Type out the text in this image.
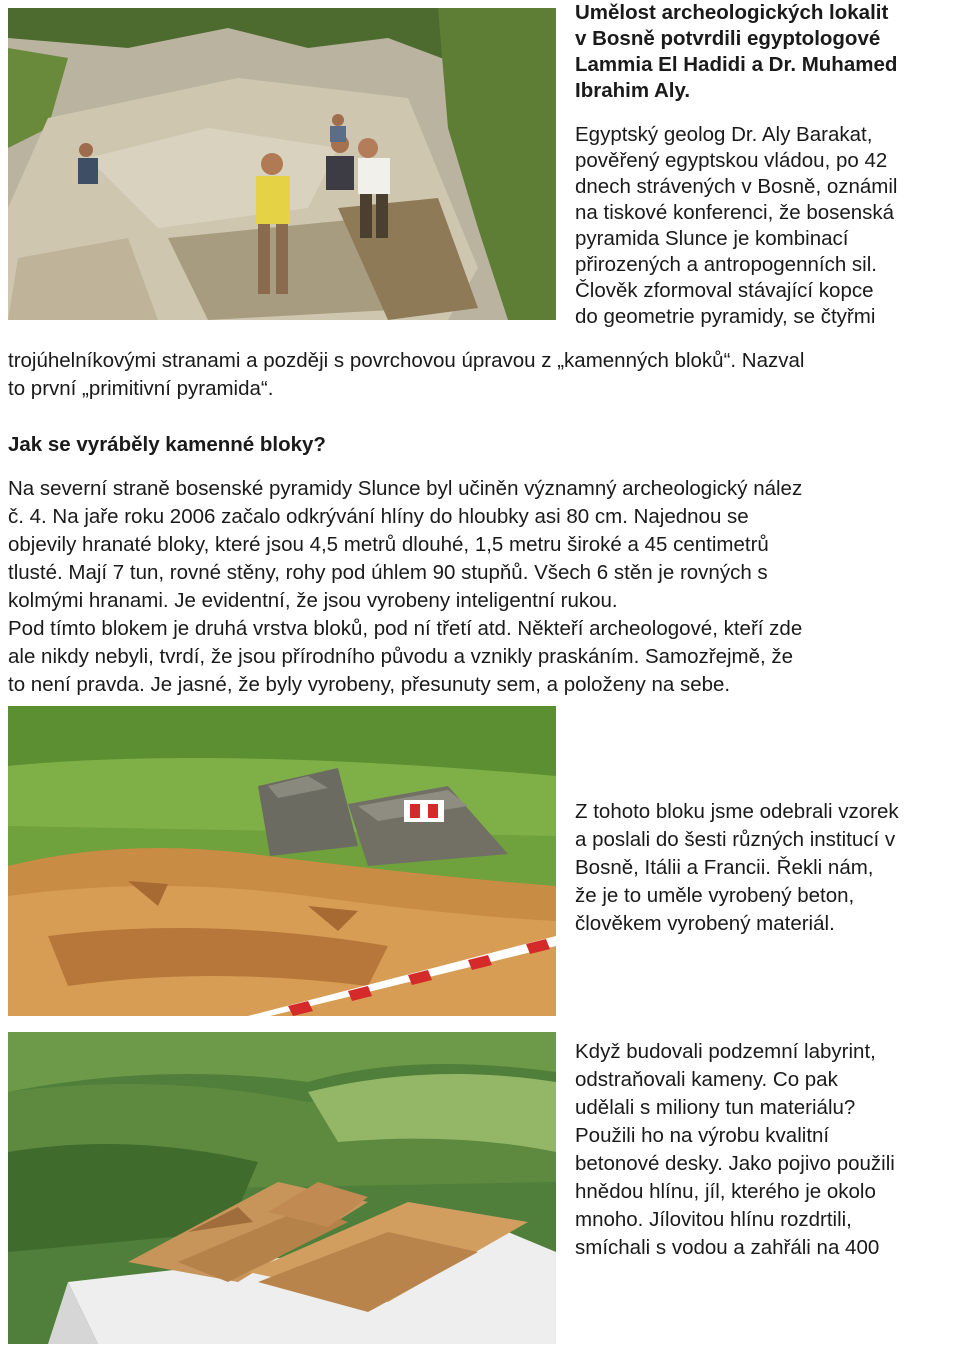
Umělost archeologických lokalit
v Bosně potvrdili egyptologové
Lammia El Hadidi a Dr. Muhamed
Ibrahim Aly.
Egyptský geolog Dr. Aly Barakat,
pověřený egyptskou vládou, po 42
dnech strávených v Bosně, oznámil
na tiskové konferenci, že bosenská
pyramida Slunce je kombinací
přirozených a antropogenních sil.
Člověk zformoval stávající kopce
do geometrie pyramidy, se čtyřmi
trojúhelníkovými stranami a později s povrchovou úpravou z „kamenných bloků“. Nazval
to první „primitivní pyramida“.
Jak se vyráběly kamenné bloky?
Na severní straně bosenské pyramidy Slunce byl učiněn významný archeologický nález
č. 4. Na jaře roku 2006 začalo odkrývání hlíny do hloubky asi 80 cm. Najednou se
objevily hranaté bloky, které jsou 4,5 metrů dlouhé, 1,5 metru široké a 45 centimetrů
tlusté. Mají 7 tun, rovné stěny, rohy pod úhlem 90 stupňů. Všech 6 stěn je rovných s
kolmými hranami. Je evidentní, že jsou vyrobeny inteligentní rukou.
Pod tímto blokem je druhá vrstva bloků, pod ní třetí atd. Někteří archeologové, kteří zde
ale nikdy nebyli, tvrdí, že jsou přírodního původu a vznikly praskáním. Samozřejmě, že
to není pravda. Je jasné, že byly vyrobeny, přesunuty sem, a položeny na sebe.
Z tohoto bloku jsme odebrali vzorek
a poslali do šesti různých institucí v
Bosně, Itálii a Francii. Řekli nám,
že je to uměle vyrobený beton,
člověkem vyrobený materiál.
Když budovali podzemní labyrint,
odstraňovali kameny. Co pak
udělali s miliony tun materiálu?
Použili ho na výrobu kvalitní
betonové desky. Jako pojivo použili
hnědou hlínu, jíl, kterého je okolo
mnoho. Jílovitou hlínu rozdrtili,
smíchali s vodou a zahřáli na 400
